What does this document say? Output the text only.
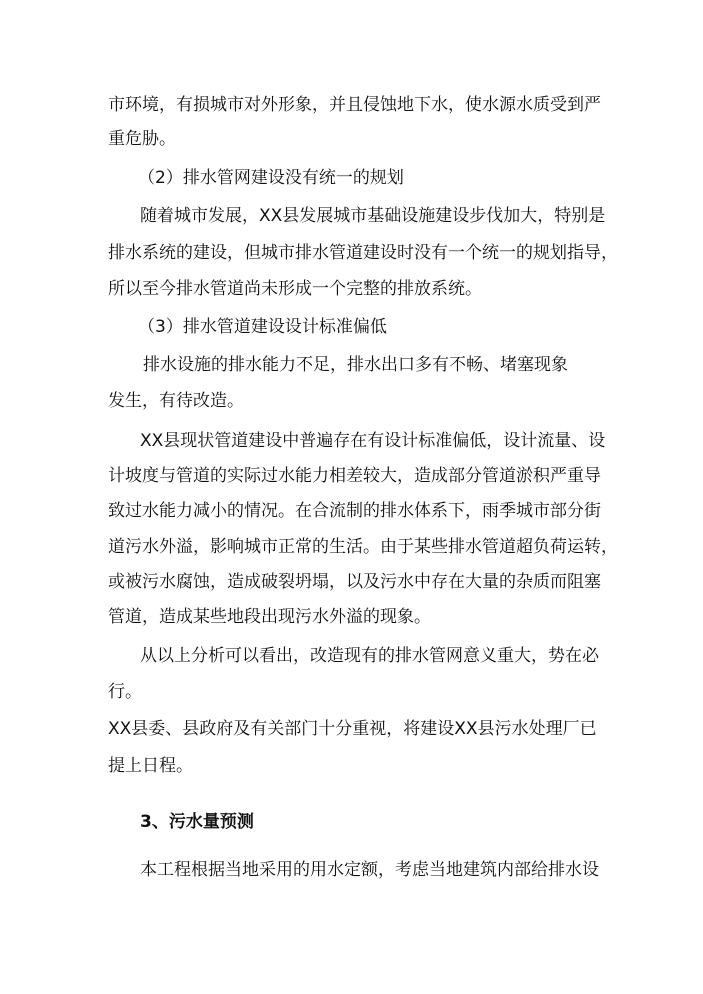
市环境，有损城市对外形象，并且侵蚀地下水，使水源水质受到严

重危胁。

（2）排水管网建设没有统一的规划

随着城市发展，XX县发展城市基础设施建设步伐加大，特别是

排水系统的建设，但城市排水管道建设时没有一个统一的规划指导，

所以至今排水管道尚未形成一个完整的排放系统。

（3）排水管道建设设计标准偏低

排水设施的排水能力不足，排水出口多有不畅、堵塞现象

发生，有待改造。

XX县现状管道建设中普遍存在有设计标准偏低，设计流量、设

计坡度与管道的实际过水能力相差较大，造成部分管道淤积严重导

致过水能力减小的情况。在合流制的排水体系下，雨季城市部分街

道污水外溢，影响城市正常的生活。由于某些排水管道超负荷运转，

或被污水腐蚀，造成破裂坍塌，以及污水中存在大量的杂质而阻塞

管道，造成某些地段出现污水外溢的现象。

从以上分析可以看出，改造现有的排水管网意义重大，势在必

行。

XX县委、县政府及有关部门十分重视，将建设XX县污水处理厂已

提上日程。

3、污水量预测

本工程根据当地采用的用水定额，考虑当地建筑内部给排水设
